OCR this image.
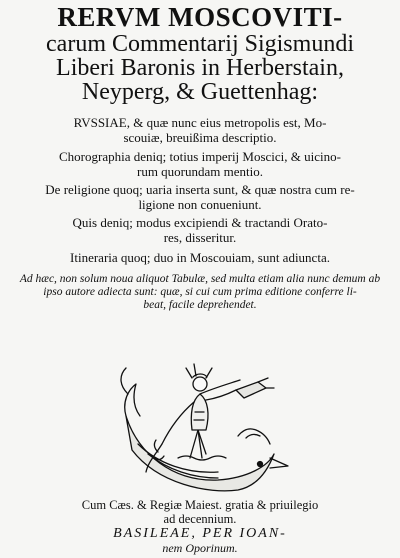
RERVM MOSCOVITI-
carum Commentarij Sigismundi
Liberi Baronis in Herberstain,
Neyperg, & Guettenhag:
RVSSIAE, & quæ nunc eius metropolis est, Mo-
scouiæ, breuißima descriptio.
Chorographia deniq; totius imperij Moscici, & uicino-
rum quorundam mentio.
De religione quoq; uaria inserta sunt, & quæ nostra cum re-
ligione non conueniunt.
Quis deniq; modus excipiendi & tractandi Orato-
res, disseritur.
Itineraria quoq; duo in Moscouiam, sunt adiuncta.
Ad hæc, non solum noua aliquot Tabulæ, sed multa etiam alia nunc demum ab
ipso autore adiecta sunt: quæ, si cui cum prima editione conferre li-
beat, facile deprehendet.
Cum Cæs. & Regiæ Maiest. gratia & priuilegio
ad decennium.
BASILEAE, PER IOAN-
nem Oporinum.
